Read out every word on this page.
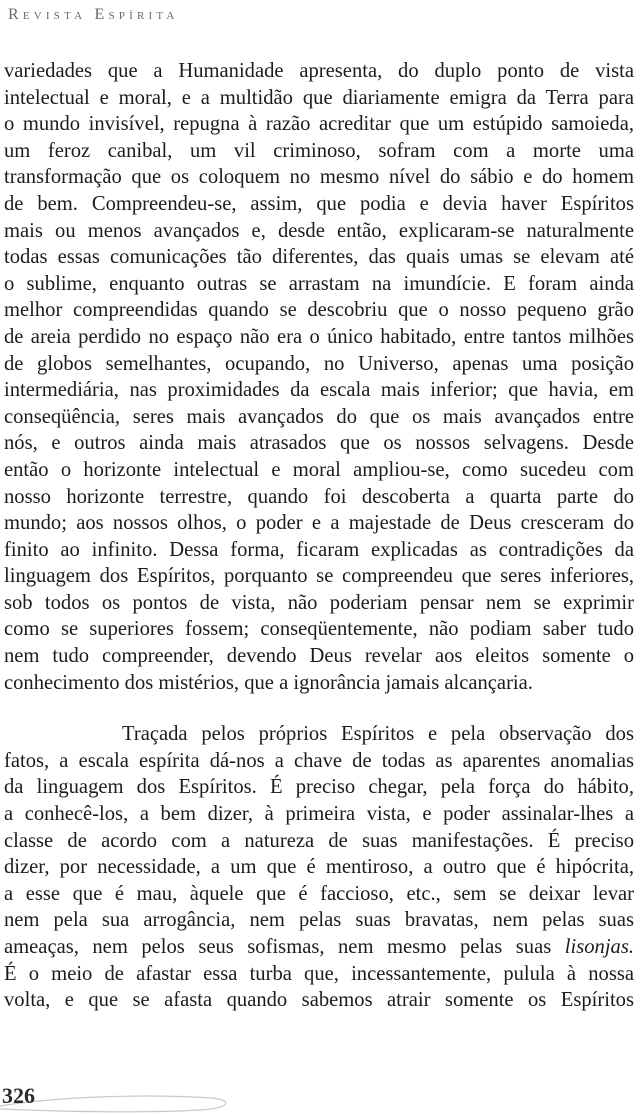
Revista Espírita
variedades que a Humanidade apresenta, do duplo ponto de vista
intelectual e moral, e a multidão que diariamente emigra da Terra para
o mundo invisível, repugna à razão acreditar que um estúpido samoieda,
um feroz canibal, um vil criminoso, sofram com a morte uma
transformação que os coloquem no mesmo nível do sábio e do homem
de bem. Compreendeu-se, assim, que podia e devia haver Espíritos
mais ou menos avançados e, desde então, explicaram-se naturalmente
todas essas comunicações tão diferentes, das quais umas se elevam até
o sublime, enquanto outras se arrastam na imundície. E foram ainda
melhor compreendidas quando se descobriu que o nosso pequeno grão
de areia perdido no espaço não era o único habitado, entre tantos milhões
de globos semelhantes, ocupando, no Universo, apenas uma posição
intermediária, nas proximidades da escala mais inferior; que havia, em
conseqüência, seres mais avançados do que os mais avançados entre
nós, e outros ainda mais atrasados que os nossos selvagens. Desde
então o horizonte intelectual e moral ampliou-se, como sucedeu com
nosso horizonte terrestre, quando foi descoberta a quarta parte do
mundo; aos nossos olhos, o poder e a majestade de Deus cresceram do
finito ao infinito. Dessa forma, ficaram explicadas as contradições da
linguagem dos Espíritos, porquanto se compreendeu que seres inferiores,
sob todos os pontos de vista, não poderiam pensar nem se exprimir
como se superiores fossem; conseqüentemente, não podiam saber tudo
nem tudo compreender, devendo Deus revelar aos eleitos somente o
conhecimento dos mistérios, que a ignorância jamais alcançaria.
Traçada pelos próprios Espíritos e pela observação dos
fatos, a escala espírita dá-nos a chave de todas as aparentes anomalias
da linguagem dos Espíritos. É preciso chegar, pela força do hábito,
a conhecê-los, a bem dizer, à primeira vista, e poder assinalar-lhes a
classe de acordo com a natureza de suas manifestações. É preciso
dizer, por necessidade, a um que é mentiroso, a outro que é hipócrita,
a esse que é mau, àquele que é faccioso, etc., sem se deixar levar
nem pela sua arrogância, nem pelas suas bravatas, nem pelas suas
ameaças, nem pelos seus sofismas, nem mesmo pelas suas lisonjas.
É o meio de afastar essa turba que, incessantemente, pulula à nossa
volta, e que se afasta quando sabemos atrair somente os Espíritos
326
